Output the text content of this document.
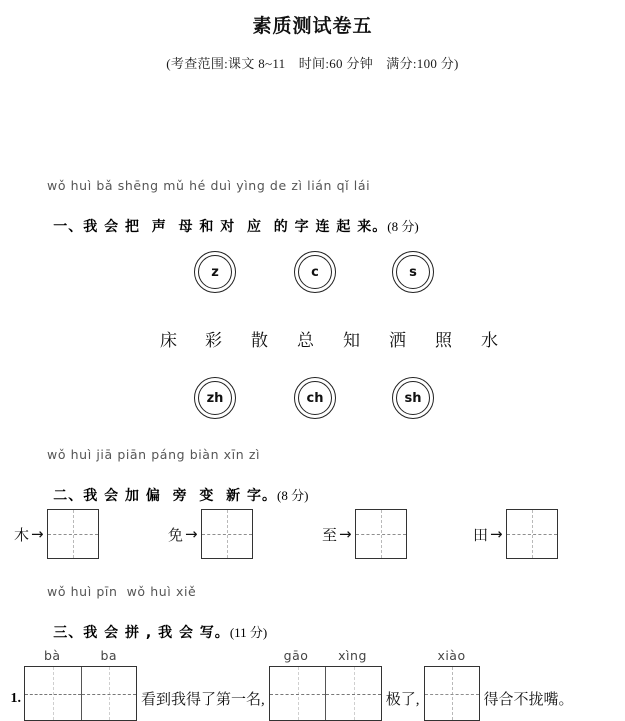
素质测试卷五

(考查范围:课文 8~11　时间:60 分钟　满分:100 分)

wǒ huì bǎ shēng mǔ hé duì yìng de zì lián qǐ lái

一、我 会 把  声  母 和 对  应  的 字 连 起 来。(8 分)

z	c	s
床 彩 散 总 知 洒 照 水
zh	ch	sh
wǒ huì jiā piān páng biàn xīn zì

二、我 会 加 偏  旁  变  新 字。(8 分)

木 →	免 →	至 →	田 →
wǒ huì pīn  wǒ huì xiě

三、我 会 拼 , 我 会 写。(11 分)

1.
bà	ba
看到我得了第一名,
gāo	xìng
极了,
xiào
得合不拢嘴。
